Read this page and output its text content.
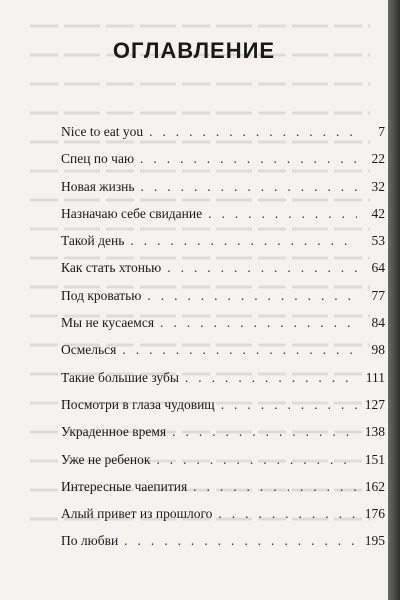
ОГЛАВЛЕНИЕ
Nice to eat you . . .	7
Спец по чаю . . .	22
Новая жизнь . . .	32
Назначаю себе свидание . . .	42
Такой день . . .	53
Как стать хтонью . . .	64
Под кроватью . . .	77
Мы не кусаемся . . .	84
Осмелься . . .	98
Такие большие зубы . . .	111
Посмотри в глаза чудовищ . . .	127
Украденное время . . .	138
Уже не ребенок . . .	151
Интересные чаепития . . .	162
Алый привет из прошлого . . .	176
По любви . . .	195
